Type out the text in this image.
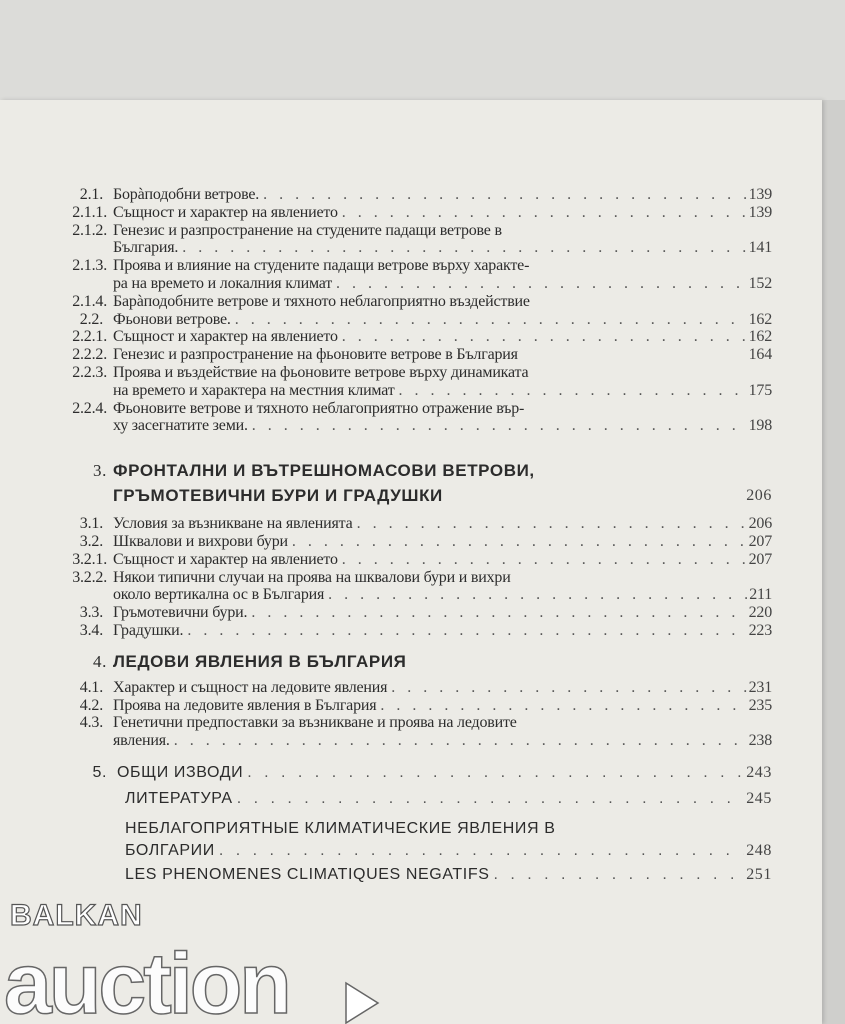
2.1. Борàподобни ветрове. . . .	139
2.1.1. Същност и характер на явлението . . .	139
2.1.2. Генезис и разпространение на студените падащи ветрове в
България. . . .	141
2.1.3. Проява и влияние на студените падащи ветрове върху характе-
ра на времето и локалния климат . . .	152
2.1.4. Барàподобните ветрове и тяхното неблагоприятно въздействие
2.2. Фьонови ветрове. . . .	162
2.2.1. Същност и характер на явлението . . .	162
2.2.2. Генезис и разпространение на фьоновите ветрове в България	164
2.2.3. Проява и въздействие на фьоновите ветрове върху динамиката
на времето и характера на местния климат . . .	175
2.2.4. Фьоновите ветрове и тяхното неблагоприятно отражение вър-
ху засегнатите земи. . . .	198
3. ФРОНТАЛНИ И ВЪТРЕШНОМАСОВИ ВЕТРОВИ,
ГРЪМОТЕВИЧНИ БУРИ И ГРАДУШКИ	206
3.1. Условия за възникване на явленията . . .	206
3.2. Шквалови и вихрови бури . . .	207
3.2.1. Същност и характер на явлението . . .	207
3.2.2. Някои типични случаи на проява на шквалови бури и вихри
около вертикална ос в България . . .	211
3.3. Гръмотевични бури. . . .	220
3.4. Градушки. . . .	223
4. ЛЕДОВИ ЯВЛЕНИЯ В БЪЛГАРИЯ
4.1. Характер и същност на ледовите явления . . .	231
4.2. Проява на ледовите явления в България . . .	235
4.3. Генетични предпоставки за възникване и проява на ледовите
явления. . . .	238
5. ОБЩИ ИЗВОДИ . . .	243
ЛИТЕРАТУРА . . .	245
НЕБЛАГОПРИЯТНЫЕ КЛИМАТИЧЕСКИЕ ЯВЛЕНИЯ В
БОЛГАРИИ . . .	248
LES PHENOMENES CLIMATIQUES NEGATIFS . . .	251
BALKAN
auction
